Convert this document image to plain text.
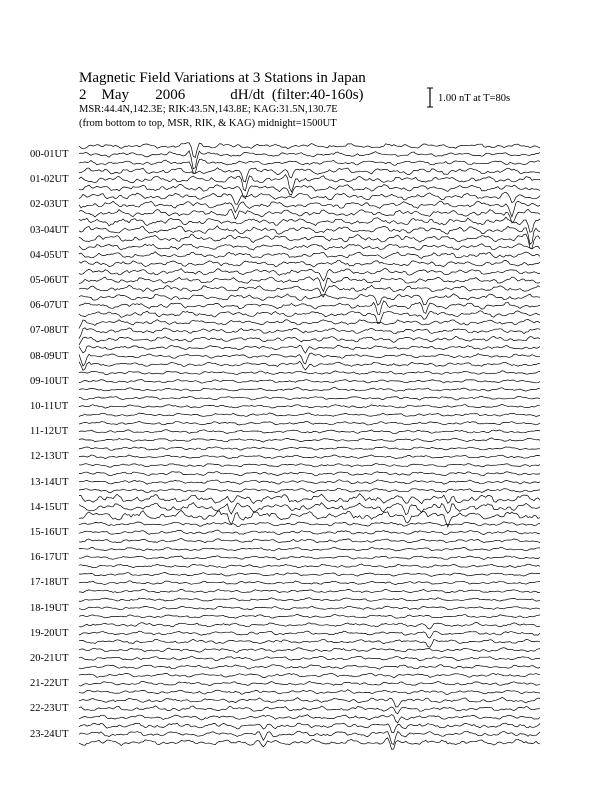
Magnetic Field Variations at 3 Stations in Japan
2    May       2006            dH/dt  (filter:40-160s)
MSR:44.4N,142.3E; RIK:43.5N,143.8E; KAG:31.5N,130.7E
(from bottom to top, MSR, RIK, & KAG) midnight=1500UT
1.00 nT at T=80s
00-01UT
01-02UT
02-03UT
03-04UT
04-05UT
05-06UT
06-07UT
07-08UT
08-09UT
09-10UT
10-11UT
11-12UT
12-13UT
13-14UT
14-15UT
15-16UT
16-17UT
17-18UT
18-19UT
19-20UT
20-21UT
21-22UT
22-23UT
23-24UT
